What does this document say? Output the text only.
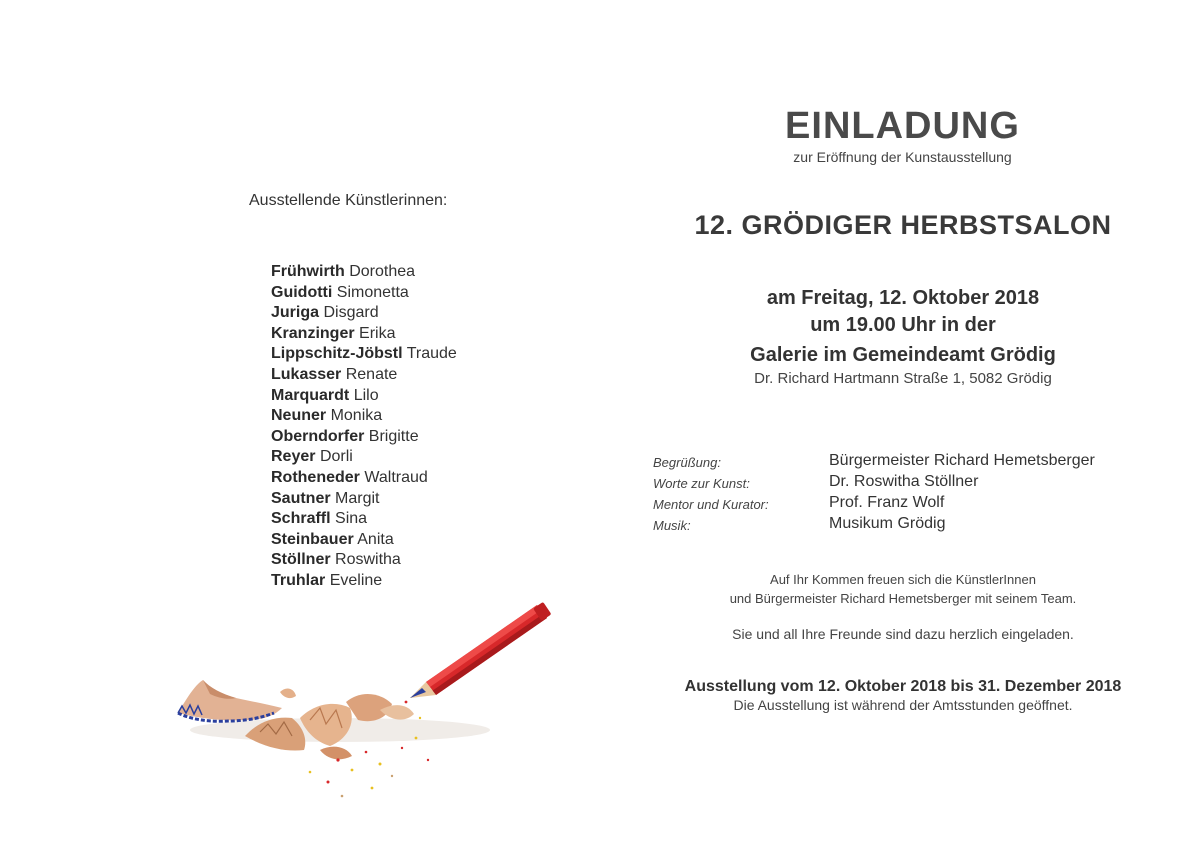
Ausstellende Künstlerinnen:
Frühwirth Dorothea
Guidotti Simonetta
Juriga Disgard
Kranzinger Erika
Lippschitz-Jöbstl Traude
Lukasser Renate
Marquardt Lilo
Neuner Monika
Oberndorfer Brigitte
Reyer Dorli
Rotheneder Waltraud
Sautner Margit
Schraffl Sina
Steinbauer Anita
Stöllner Roswitha
Truhlar Eveline
EINLADUNG
zur Eröffnung der Kunstausstellung
12. GRÖDIGER HERBSTSALON
am Freitag, 12. Oktober 2018
um 19.00 Uhr in der
Galerie im Gemeindeamt Grödig
Dr. Richard Hartmann Straße 1, 5082 Grödig
Begrüßung:	Bürgermeister Richard Hemetsberger
Worte zur Kunst:	Dr. Roswitha Stöllner
Mentor und Kurator:	Prof. Franz Wolf
Musik:	Musikum Grödig
Auf Ihr Kommen freuen sich die KünstlerInnen
und Bürgermeister Richard Hemetsberger mit seinem Team.
Sie und all Ihre Freunde sind dazu herzlich eingeladen.
Ausstellung vom 12. Oktober 2018 bis 31. Dezember 2018
Die Ausstellung ist während der Amtsstunden geöffnet.
